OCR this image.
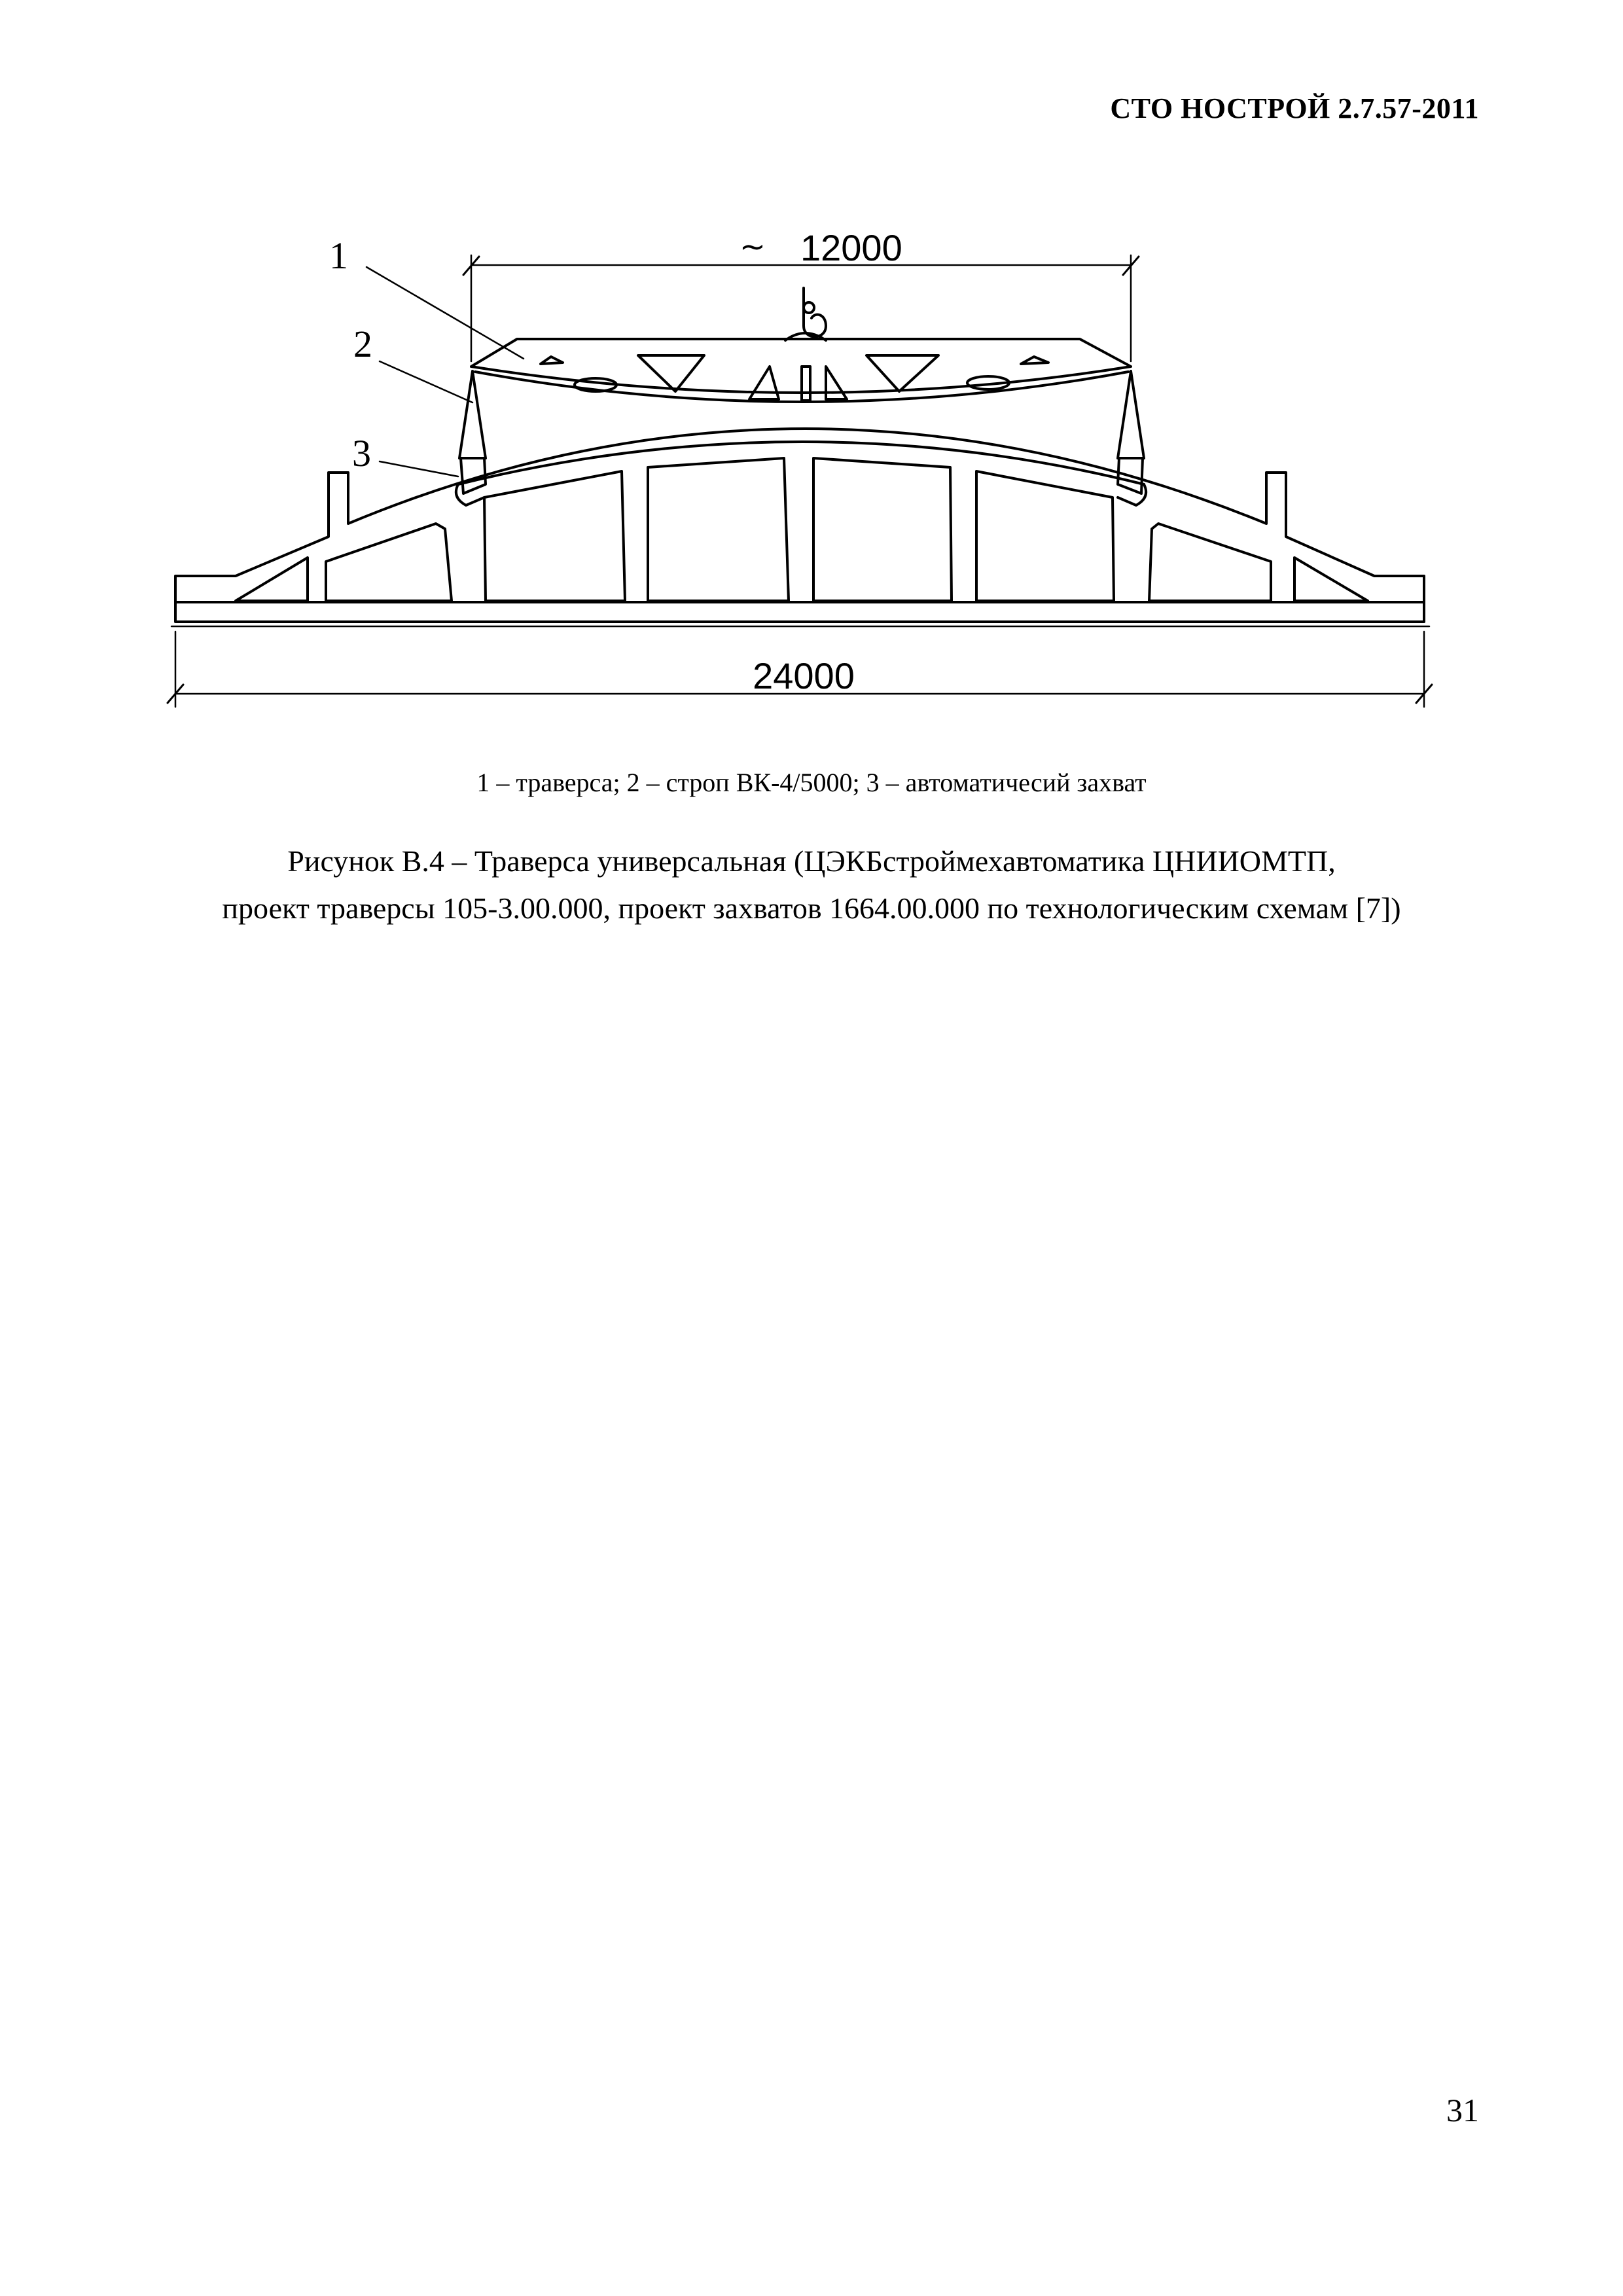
СТО НОСТРОЙ 2.7.57-2011
∼ 12000
1
2
3
24000
1 – траверса; 2 – строп ВК-4/5000; 3 – автоматичесий захват
Рисунок В.4 – Траверса универсальная (ЦЭКБстроймехавтоматика ЦНИИОМТП,
проект траверсы 105-3.00.000, проект захватов 1664.00.000 по технологическим схемам [7])
31
